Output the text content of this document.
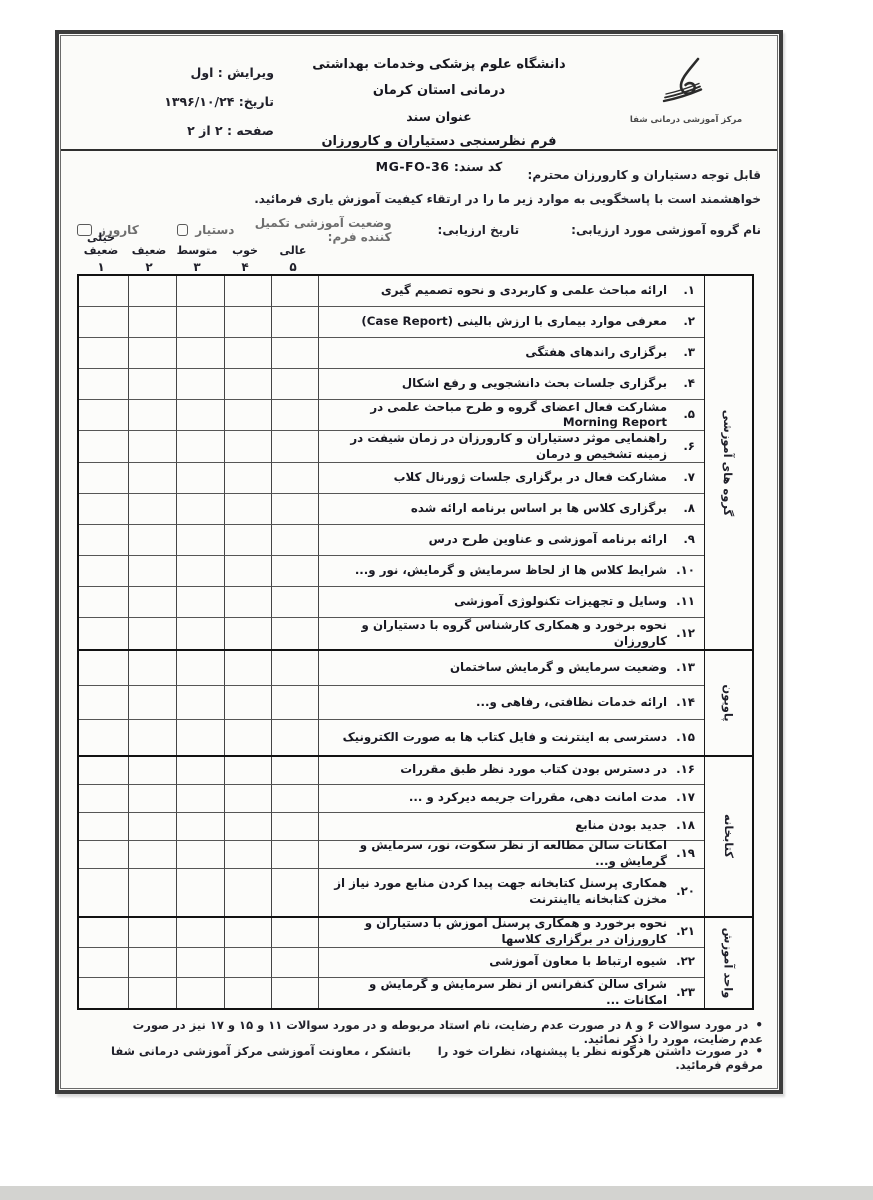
ویرایش : اول
تاریخ: ۱۳۹۶/۱۰/۲۴
صفحه : ۲ از ۲
دانشگاه علوم پزشکی وخدمات بهداشتی درمانی استان کرمان
عنوان سند
فرم نظرسنجی دستیاران و کارورزان
کد سند: MG-FO-36
مرکز آموزشی درمانی شفا
قابل توجه دستیاران و کارورزان محترم:
خواهشمند است با پاسخگویی به موارد زیر ما را در ارتقاء کیفیت آموزش یاری فرمائید.
نام گروه آموزشی مورد ارزیابی:
تاریخ ارزیابی:
وضعیت آموزشی تکمیل کننده فرم:
دستیار
کارورز
عالی
۵
خوب
۴
متوسط
۳
ضعیف
۲
خیلی ضعیف
۱
گروه های آموزشی
۱.
ارائه مباحث علمی و کاربردی و نحوه تصمیم گیری
۲.
معرفی موارد بیماری با ارزش بالینی (Case Report)
۳.
برگزاری راندهای هفتگی
۴.
برگزاری جلسات بحث دانشجویی و رفع اشکال
۵.
مشارکت فعال اعضای گروه و طرح مباحث علمی در Morning Report
۶.
راهنمایی موثر دستیاران و کارورزان در زمان شیفت در زمینه تشخیص و درمان
۷.
مشارکت فعال در برگزاری جلسات ژورنال کلاب
۸.
برگزاری کلاس ها بر اساس برنامه ارائه شده
۹.
ارائه برنامه آموزشی و عناوین طرح درس
۱۰.
شرایط کلاس ها از لحاظ سرمایش و گرمایش، نور و...
۱۱.
وسایل و تجهیزات تکنولوژی آموزشی
۱۲.
نحوه برخورد و همکاری کارشناس گروه با دستیاران و کارورزان
پاویون
۱۳.
وضعیت سرمایش و گرمایش ساختمان
۱۴.
ارائه خدمات نظافتی، رفاهی و...
۱۵.
دسترسی به اینترنت و فایل کتاب ها به صورت الکترونیک
کتابخانه
۱۶.
در دسترس بودن کتاب مورد نظر طبق مقررات
۱۷.
مدت امانت دهی، مقررات جریمه دیرکرد و ...
۱۸.
جدید بودن منابع
۱۹.
امکانات سالن مطالعه از نظر سکوت، نور، سرمایش و گرمایش و...
۲۰.
همکاری پرسنل کتابخانه جهت پیدا کردن منابع مورد نیاز از مخزن کتابخانه یااینترنت
واحد آموزش
۲۱.
نحوه برخورد و همکاری پرسنل آموزش با دستیاران و کارورزان در برگزاری کلاسها
۲۲.
شیوه ارتباط با معاون آموزشی
۲۳.
شرای سالن کنفرانس از نظر سرمایش و گرمایش و امکانات ...
•در مورد سوالات ۶ و ۸ در صورت عدم رضایت، نام استاد مربوطه و در مورد سوالات ۱۱ و ۱۵ و ۱۷ نیز در صورت عدم رضایت، مورد را ذکر نمائید.
•در صورت داشتن هرگونه نظر یا پیشنهاد، نظرات خود را مرقوم فرمائید.
باتشکر ، معاونت آموزشی مرکز آموزشی درمانی شفا
